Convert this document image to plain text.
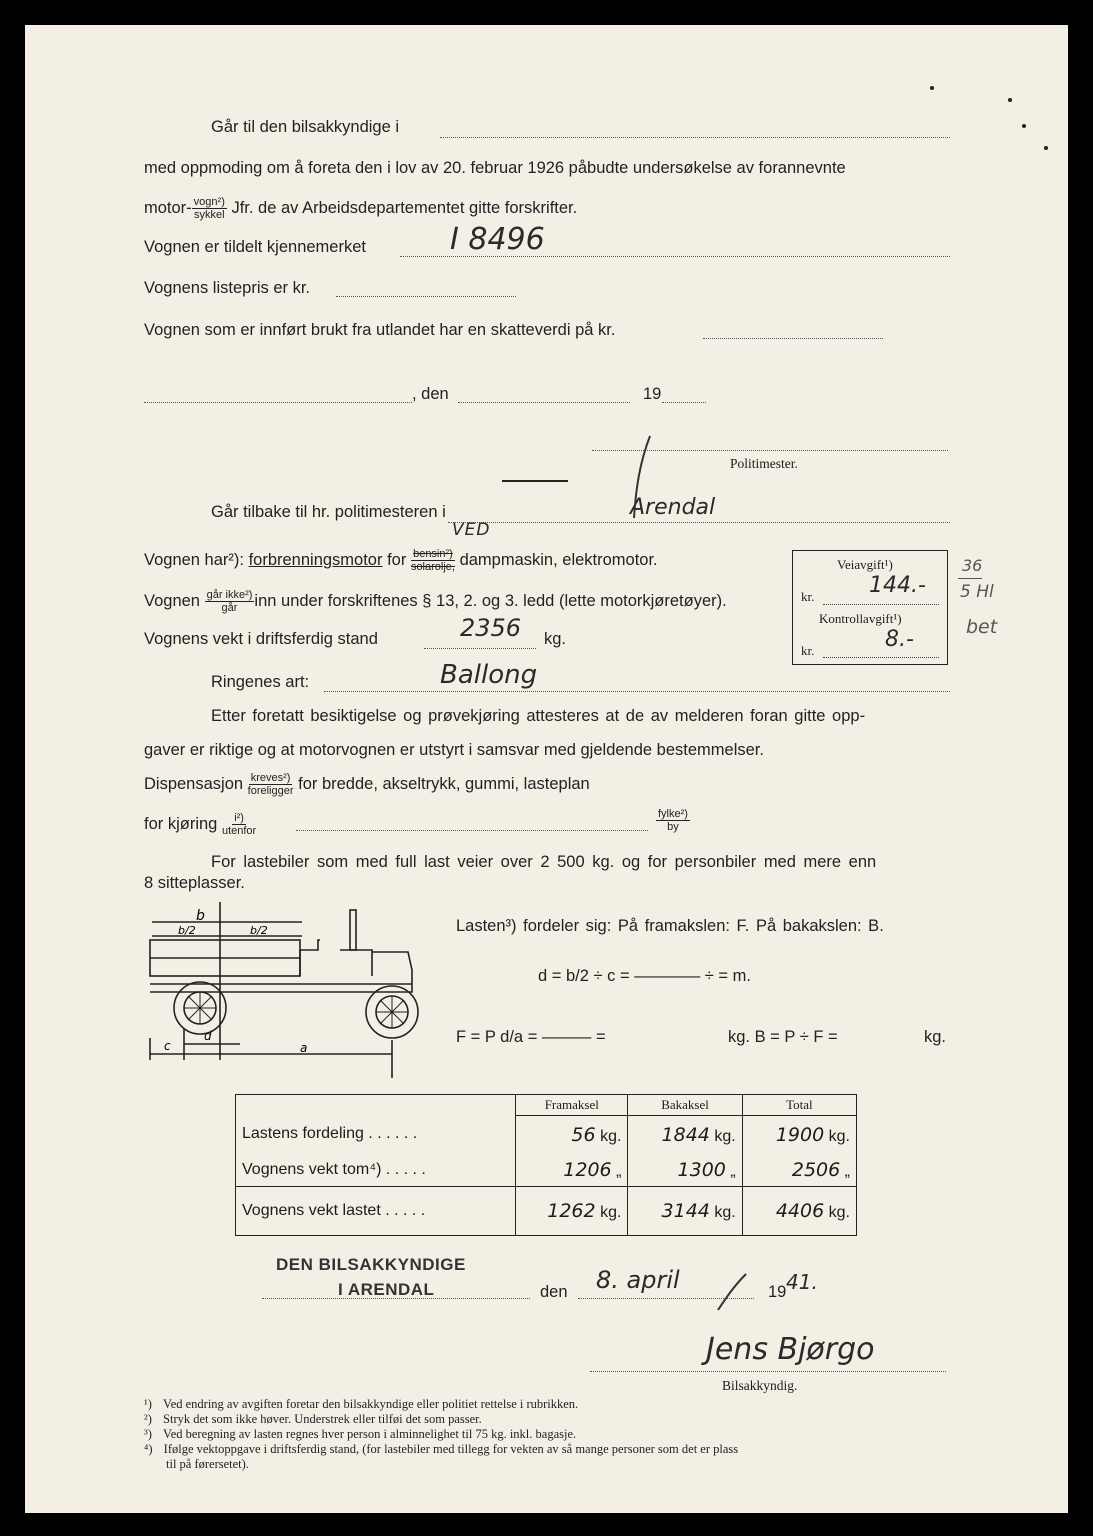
Går til den bilsakkyndige i
med oppmoding om å foreta den i lov av 20. februar 1926 påbudte undersøkelse av forannevnte
motor- $\frac{\text{vogn²)}}{\text{sykkel}}$ Jfr. de av Arbeidsdepartementet gitte forskrifter.
Vognen er tildelt kjennemerket	I 8496
Vognens listepris er kr.
Vognen som er innført brukt fra utlandet har en skatteverdi på kr.
, den	19
Politimester.
Går tilbake til hr. politimesteren i	Arendal
VED
Vognen har²): forbrenningsmotor for $\frac{\text{bensin²)}}{\text{solarolje,}}$ dampmaskin, elektromotor.
Vognen $\frac{\text{går ikke²)}}{\text{går}}$ inn under forskriftenes § 13, 2. og 3. ledd (lette motorkjøretøyer).
Vognens vekt i driftsferdig stand	2356 kg.
Ringenes art:	Ballong
Etter foretatt besiktigelse og prøvekjøring attesteres at de av melderen foran gitte opp-
gaver er riktige og at motorvognen er utstyrt i samsvar med gjeldende bestemmelser.
Dispensasjon $\frac{\text{kreves²)}}{\text{foreligger}}$ for bredde, akseltrykk, gummi, lasteplan
for kjøring $\frac{\text{i²)}}{\text{utenfor}}$	$\frac{\text{fylke²)}}{by}$
For lastebiler som med full last veier over 2 500 kg. og for personbiler med mere enn
8 sitteplasser.
Veiavgift¹)
kr. 144.-
Kontrollavgift¹)
kr.	8.-
36
5 Hl
bet
b
b/2	b/2
c
d
a
Lasten³) fordeler sig: På framakslen: F. På bakakslen: B.
d = b/2 ÷ c = ———— ÷ = m.
F = P d/a = ——— =	kg. B = P ÷ F =	kg.
	Framaksel	Bakaksel	Total
Lastens fordeling . . . . . .	56 kg.	1844 kg.	1900 kg.
Vognens vekt tom⁴) . . . . .	1206 „	1300 „	2506 „
Vognens vekt lastet . . . . .	1262 kg.	3144 kg.	4406 kg.
DEN BILSAKKYNDIGE
I ARENDAL	den 8. april	19 41.
Jens Bjørgo
Bilsakkyndig.
¹) Ved endring av avgiften foretar den bilsakkyndige eller politiet rettelse i rubrikken.
²) Stryk det som ikke høver. Understrek eller tilføi det som passer.
³) Ved beregning av lasten regnes hver person i alminnelighet til 75 kg. inkl. bagasje.
⁴) Ifølge vektoppgave i driftsferdig stand, (for lastebiler med tillegg for vekten av så mange personer som det er plass
til på førersetet).
